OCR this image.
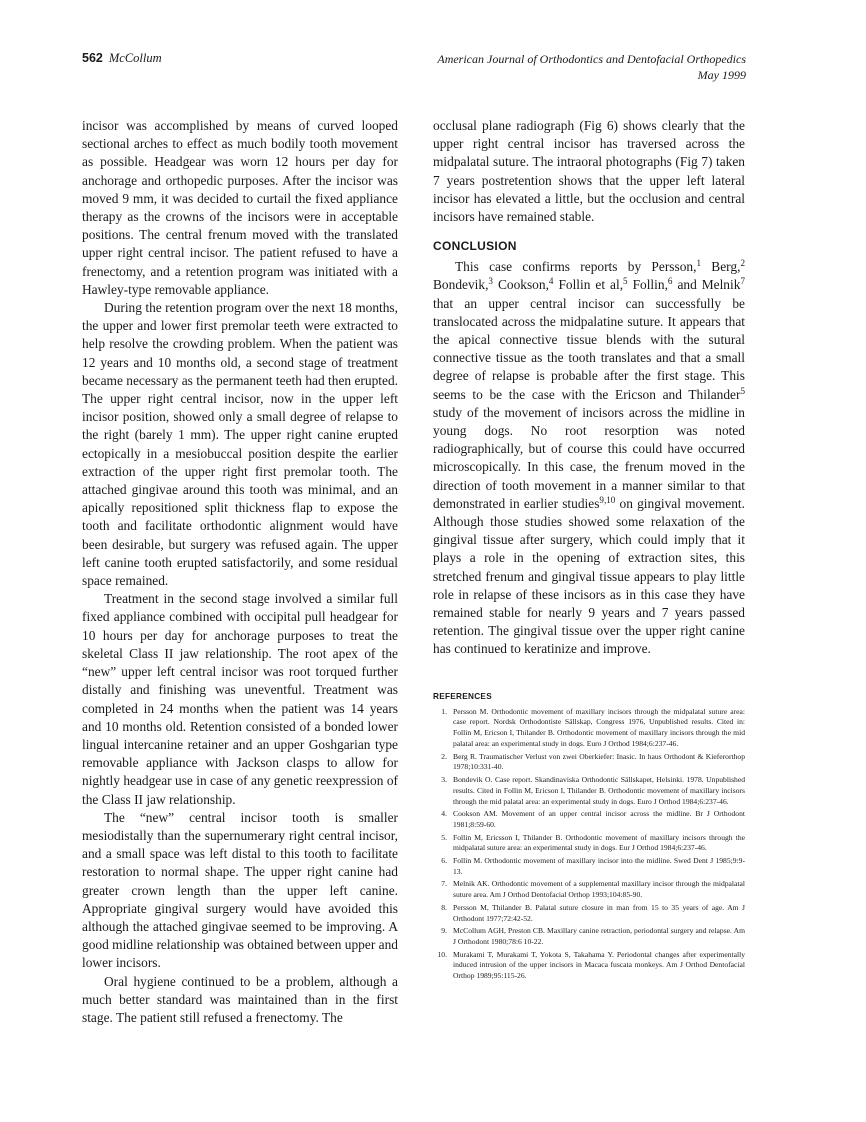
562 McCollum	American Journal of Orthodontics and Dentofacial Orthopedics
May 1999

incisor was accomplished by means of curved looped sectional arches to effect as much bodily tooth movement as possible. Headgear was worn 12 hours per day for anchorage and orthopedic purposes. After the incisor was moved 9 mm, it was decided to curtail the fixed appliance therapy as the crowns of the incisors were in acceptable positions. The central frenum moved with the translated upper right central incisor. The patient refused to have a frenectomy, and a retention program was initiated with a Hawley-type removable appliance.

During the retention program over the next 18 months, the upper and lower first premolar teeth were extracted to help resolve the crowding problem. When the patient was 12 years and 10 months old, a second stage of treatment became necessary as the permanent teeth had then erupted. The upper right central incisor, now in the upper left incisor position, showed only a small degree of relapse to the right (barely 1 mm). The upper right canine erupted ectopically in a mesiobuccal position despite the earlier extraction of the upper right first premolar tooth. The attached gingivae around this tooth was minimal, and an apically repositioned split thickness flap to expose the tooth and facilitate orthodontic alignment would have been desirable, but surgery was refused again. The upper left canine tooth erupted satisfactorily, and some residual space remained.

Treatment in the second stage involved a similar full fixed appliance combined with occipital pull headgear for 10 hours per day for anchorage purposes to treat the skeletal Class II jaw relationship. The root apex of the “new” upper left central incisor was root torqued further distally and finishing was uneventful. Treatment was completed in 24 months when the patient was 14 years and 10 months old. Retention consisted of a bonded lower lingual intercanine retainer and an upper Goshgarian type removable appliance with Jackson clasps to allow for nightly headgear use in case of any genetic reexpression of the Class II jaw relationship.

The “new” central incisor tooth is smaller mesiodistally than the supernumerary right central incisor, and a small space was left distal to this tooth to facilitate restoration to normal shape. The upper right canine had greater crown length than the upper left canine. Appropriate gingival surgery would have avoided this although the attached gingivae seemed to be improving. A good midline relationship was obtained between upper and lower incisors.

Oral hygiene continued to be a problem, although a much better standard was maintained than in the first stage. The patient still refused a frenectomy. The

occlusal plane radiograph (Fig 6) shows clearly that the upper right central incisor has traversed across the midpalatal suture. The intraoral photographs (Fig 7) taken 7 years postretention shows that the upper left lateral incisor has elevated a little, but the occlusion and central incisors have remained stable.

CONCLUSION

This case confirms reports by Persson,$^1$ Berg,$^2$ Bondevik,$^3$ Cookson,$^4$ Follin et al,$^5$ Follin,$^6$ and Melnik$^7$ that an upper central incisor can successfully be translocated across the midpalatine suture. It appears that the apical connective tissue blends with the sutural connective tissue as the tooth translates and that a small degree of relapse is probable after the first stage. This seems to be the case with the Ericson and Thilander$^5$ study of the movement of incisors across the midline in young dogs. No root resorption was noted radiographically, but of course this could have occurred microscopically. In this case, the frenum moved in the direction of tooth movement in a manner similar to that demonstrated in earlier studies$^{9,10}$ on gingival movement. Although those studies showed some relaxation of the gingival tissue after surgery, which could imply that it plays a role in the opening of extraction sites, this stretched frenum and gingival tissue appears to play little role in relapse of these incisors as in this case they have remained stable for nearly 9 years and 7 years passed retention. The gingival tissue over the upper right canine has continued to keratinize and improve.

REFERENCES
1. Persson M. Orthodontic movement of maxillary incisors through the midpalatal suture area: case report. Nordsk Orthodontiste Sällskap, Congress 1976, Unpublished results. Cited in: Follin M, Ericson I, Thilander B. Orthodontic movement of maxillary incisors through the mid palatal area: an experimental study in dogs. Euro J Orthod 1984;6:237-46.
2. Berg R. Traumatischer Verlust von zwei Oberkiefer: Inasic. In haus Orthodont & Kieferorthop 1978;10:331-40.
3. Bondevik O. Case report. Skandinaviska Orthodontic Sällskapet, Helsinki. 1978. Unpublished results. Cited in Follin M, Ericson I, Thilander B. Orthodontic movement of maxillary incisors through the mid palatal area: an experimental study in dogs. Euro J Orthod 1984;6:237-46.
4. Cookson AM. Movement of an upper central incisor across the midline. Br J Orthodont 1981;8:59-60.
5. Follin M, Ericsson I, Thilander B. Orthodontic movement of maxillary incisors through the midpalatal suture area: an experimental study in dogs. Eur J Orthod 1984;6:237-46.
6. Follin M. Orthodontic movement of maxillary incisor into the midline. Swed Dent J 1985;9:9-13.
7. Melnik AK. Orthodontic movement of a supplemental maxillary incisor through the midpalatal suture area. Am J Orthod Dentofacial Orthop 1993;104:85-90.
8. Persson M, Thilander B. Palatal suture closure in man from 15 to 35 years of age. Am J Orthodont 1977;72:42-52.
9. McCollum AGH, Preston CB. Maxillary canine retraction, periodontal surgery and relapse. Am J Orthodont 1980;78:6 10-22.
10. Murakami T, Murakami T, Yokota S, Takahama Y. Periodontal changes after experimentally induced intrusion of the upper incisors in Macaca fuscata monkeys. Am J Orthod Dentofacial Orthop 1989;95:115-26.
